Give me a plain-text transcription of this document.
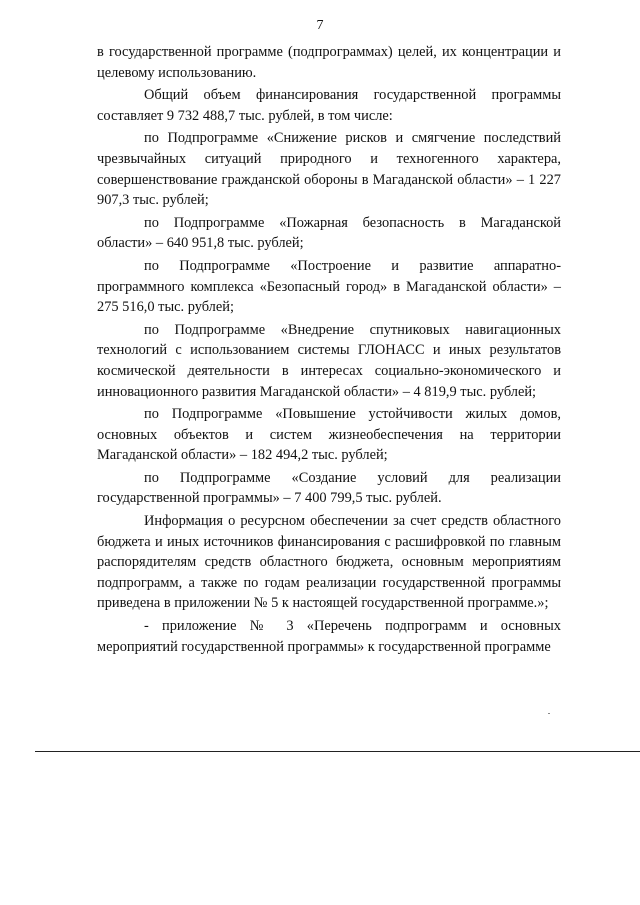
7

в государственной программе (подпрограммах) целей, их концентрации и целевому использованию.

Общий объем финансирования государственной программы составляет 9 732 488,7 тыс. рублей, в том числе:

по Подпрограмме «Снижение рисков и смягчение последствий чрезвычайных ситуаций природного и техногенного характера, совершенствование гражданской обороны в Магаданской области» – 1 227 907,3 тыс. рублей;

по Подпрограмме «Пожарная безопасность в Магаданской области» – 640 951,8 тыс. рублей;

по Подпрограмме «Построение и развитие аппаратно-программного комплекса «Безопасный город» в Магаданской области» – 275 516,0 тыс. рублей;

по Подпрограмме «Внедрение спутниковых навигационных технологий с использованием системы ГЛОНАСС и иных результатов космической деятельности в интересах социально-экономического и инновационного развития Магаданской области» – 4 819,9 тыс. рублей;

по Подпрограмме «Повышение устойчивости жилых домов, основных объектов и систем жизнеобеспечения на территории Магаданской области» – 182 494,2 тыс. рублей;

по Подпрограмме «Создание условий для реализации государственной программы» – 7 400 799,5 тыс. рублей.

Информация о ресурсном обеспечении за счет средств областного бюджета и иных источников финансирования с расшифровкой по главным распорядителям средств областного бюджета, основным мероприятиям подпрограмм, а также по годам реализации государственной программы приведена в приложении № 5 к настоящей государственной программе.»;

- приложение № 3 «Перечень подпрограмм и основных мероприятий государственной программы» к государственной программе
